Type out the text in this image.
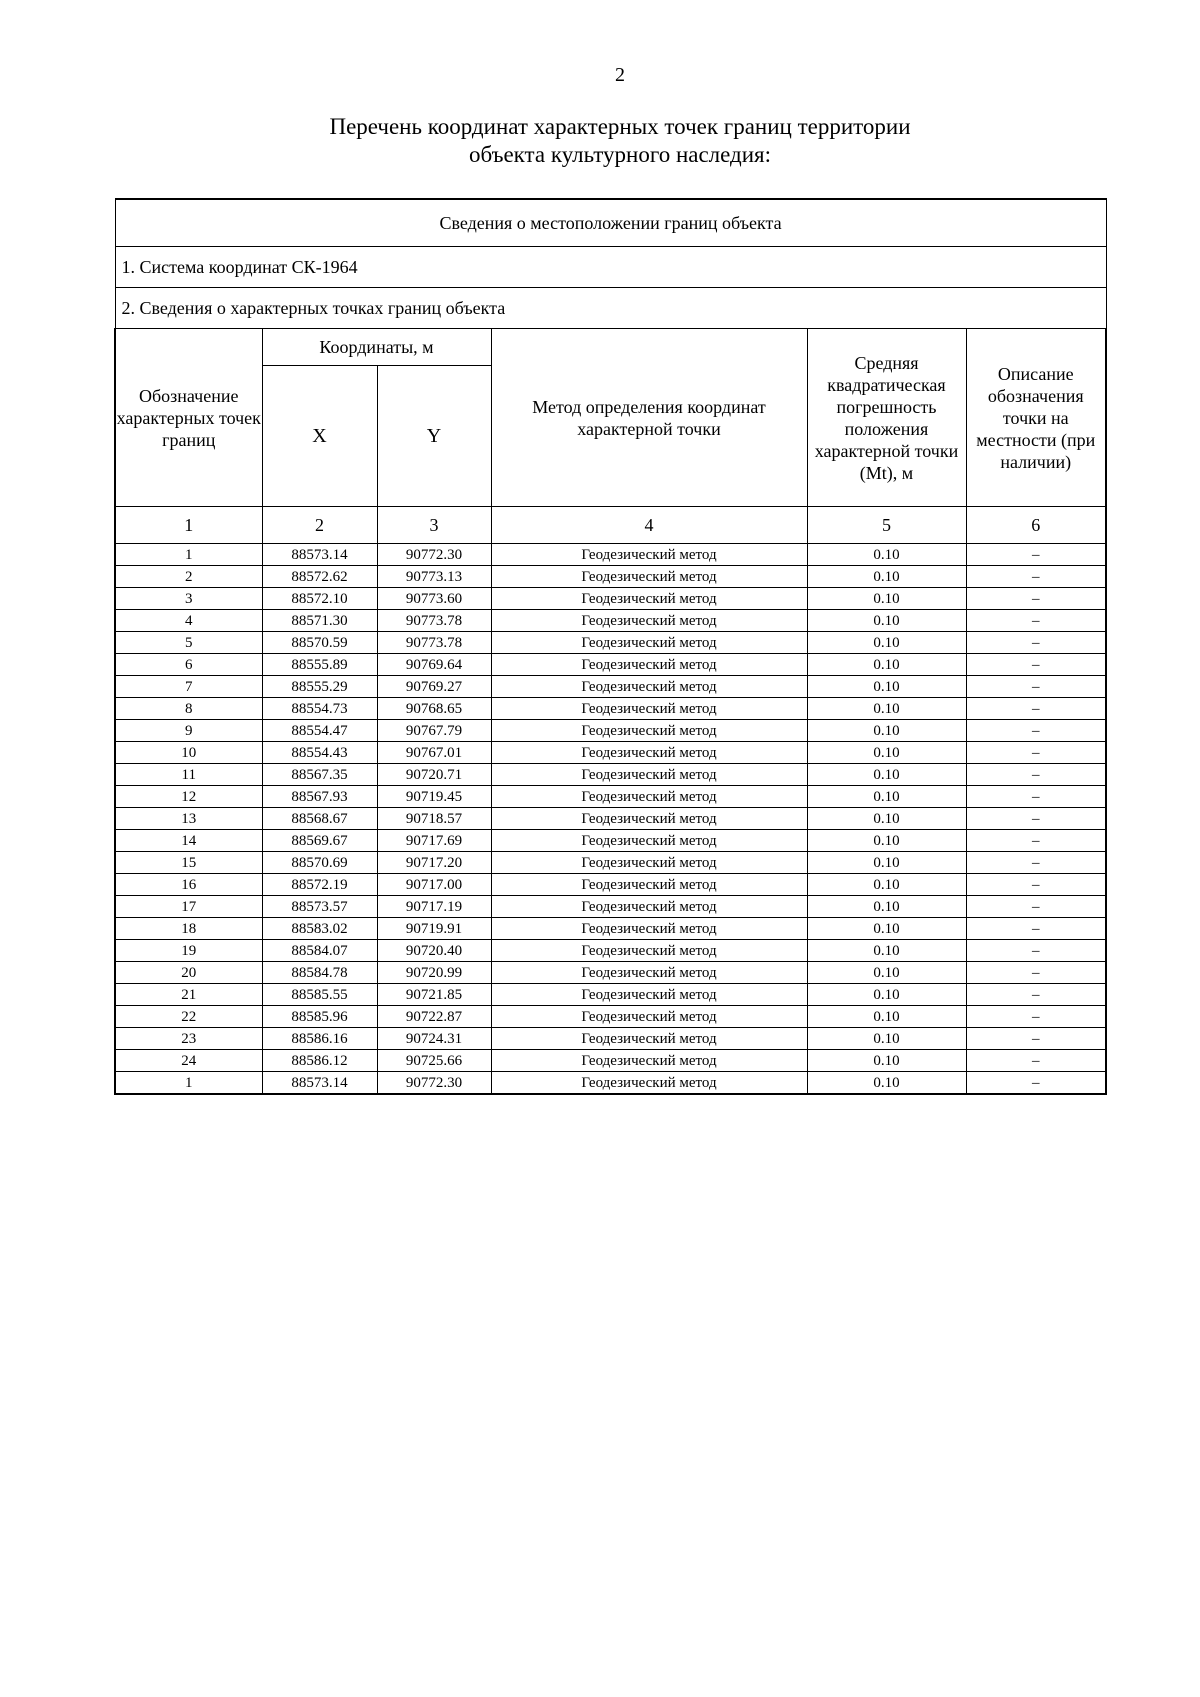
2
Перечень координат характерных точек границ территории
объекта культурного наследия:
Сведения о местоположении границ объекта					
1. Система координат СК-1964					
2. Сведения о характерных точках границ объекта					
Обозначение характерных точек границ	Координаты, м		Метод определения координат характерной точки	Средняя квадратическая погрешность положения характерной точки (Mt), м	Описание обозначения точки на местности (при наличии)
	X	Y			
1	2	3	4	5	6
1	88573.14	90772.30	Геодезический метод	0.10	–
2	88572.62	90773.13	Геодезический метод	0.10	–
3	88572.10	90773.60	Геодезический метод	0.10	–
4	88571.30	90773.78	Геодезический метод	0.10	–
5	88570.59	90773.78	Геодезический метод	0.10	–
6	88555.89	90769.64	Геодезический метод	0.10	–
7	88555.29	90769.27	Геодезический метод	0.10	–
8	88554.73	90768.65	Геодезический метод	0.10	–
9	88554.47	90767.79	Геодезический метод	0.10	–
10	88554.43	90767.01	Геодезический метод	0.10	–
11	88567.35	90720.71	Геодезический метод	0.10	–
12	88567.93	90719.45	Геодезический метод	0.10	–
13	88568.67	90718.57	Геодезический метод	0.10	–
14	88569.67	90717.69	Геодезический метод	0.10	–
15	88570.69	90717.20	Геодезический метод	0.10	–
16	88572.19	90717.00	Геодезический метод	0.10	–
17	88573.57	90717.19	Геодезический метод	0.10	–
18	88583.02	90719.91	Геодезический метод	0.10	–
19	88584.07	90720.40	Геодезический метод	0.10	–
20	88584.78	90720.99	Геодезический метод	0.10	–
21	88585.55	90721.85	Геодезический метод	0.10	–
22	88585.96	90722.87	Геодезический метод	0.10	–
23	88586.16	90724.31	Геодезический метод	0.10	–
24	88586.12	90725.66	Геодезический метод	0.10	–
1	88573.14	90772.30	Геодезический метод	0.10	–
